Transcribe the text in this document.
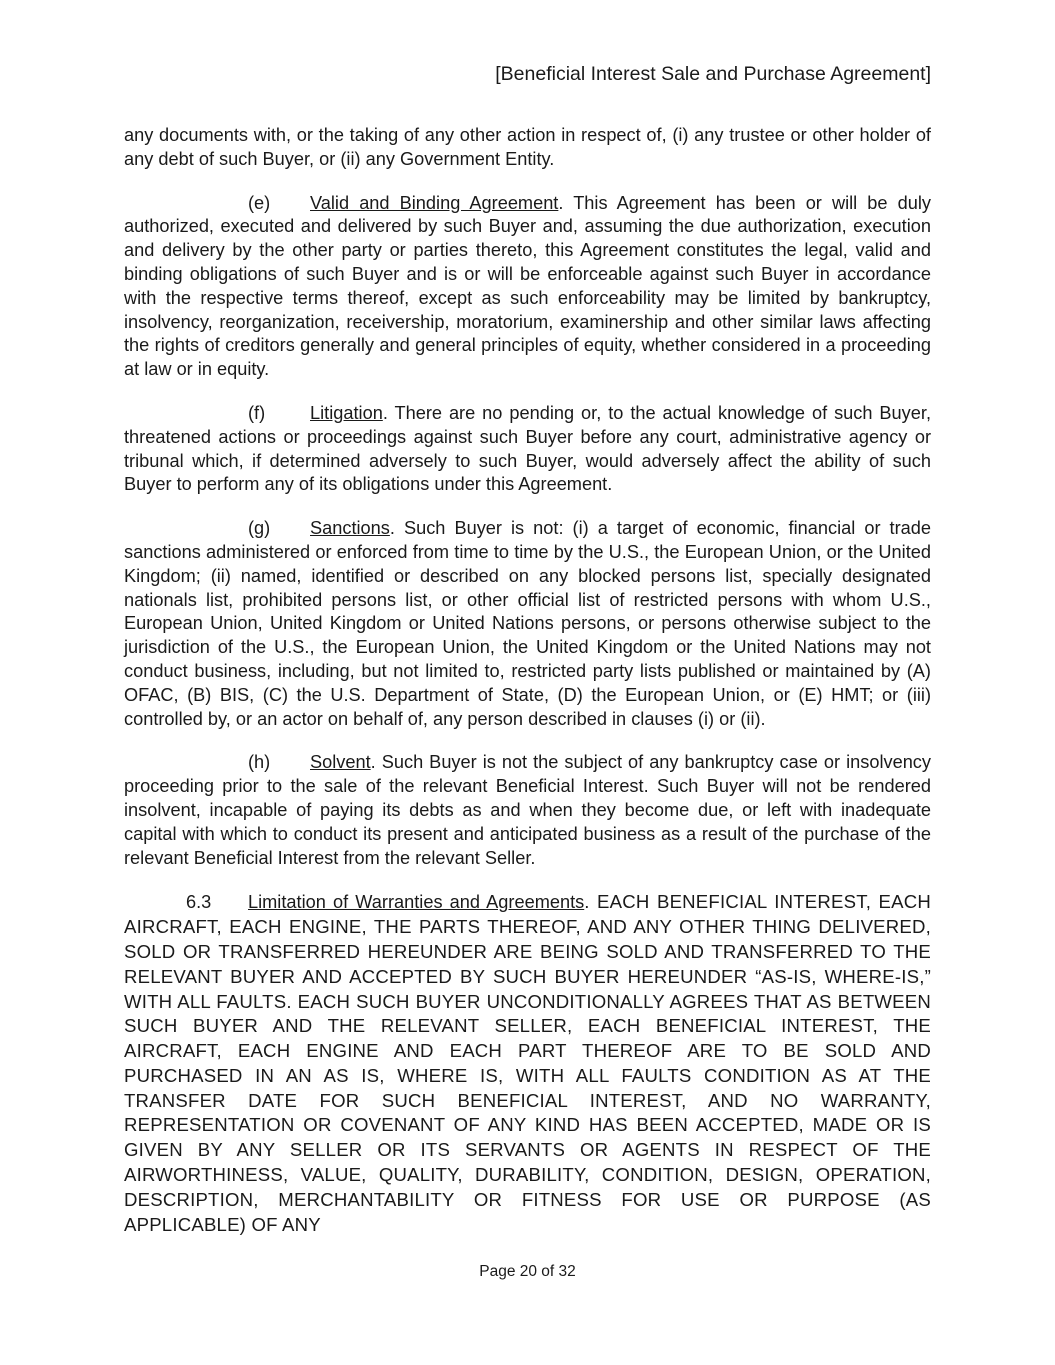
[Beneficial Interest Sale and Purchase Agreement]

any documents with, or the taking of any other action in respect of, (i) any trustee or other holder of any debt of such Buyer, or (ii) any Government Entity.

(e) Valid and Binding Agreement. This Agreement has been or will be duly authorized, executed and delivered by such Buyer and, assuming the due authorization, execution and delivery by the other party or parties thereto, this Agreement constitutes the legal, valid and binding obligations of such Buyer and is or will be enforceable against such Buyer in accordance with the respective terms thereof, except as such enforceability may be limited by bankruptcy, insolvency, reorganization, receivership, moratorium, examinership and other similar laws affecting the rights of creditors generally and general principles of equity, whether considered in a proceeding at law or in equity.

(f) Litigation. There are no pending or, to the actual knowledge of such Buyer, threatened actions or proceedings against such Buyer before any court, administrative agency or tribunal which, if determined adversely to such Buyer, would adversely affect the ability of such Buyer to perform any of its obligations under this Agreement.

(g) Sanctions. Such Buyer is not: (i) a target of economic, financial or trade sanctions administered or enforced from time to time by the U.S., the European Union, or the United Kingdom; (ii) named, identified or described on any blocked persons list, specially designated nationals list, prohibited persons list, or other official list of restricted persons with whom U.S., European Union, United Kingdom or United Nations persons, or persons otherwise subject to the jurisdiction of the U.S., the European Union, the United Kingdom or the United Nations may not conduct business, including, but not limited to, restricted party lists published or maintained by (A) OFAC, (B) BIS, (C) the U.S. Department of State, (D) the European Union, or (E) HMT; or (iii) controlled by, or an actor on behalf of, any person described in clauses (i) or (ii).

(h) Solvent. Such Buyer is not the subject of any bankruptcy case or insolvency proceeding prior to the sale of the relevant Beneficial Interest. Such Buyer will not be rendered insolvent, incapable of paying its debts as and when they become due, or left with inadequate capital with which to conduct its present and anticipated business as a result of the purchase of the relevant Beneficial Interest from the relevant Seller.

6.3 Limitation of Warranties and Agreements. EACH BENEFICIAL INTEREST, EACH AIRCRAFT, EACH ENGINE, THE PARTS THEREOF, AND ANY OTHER THING DELIVERED, SOLD OR TRANSFERRED HEREUNDER ARE BEING SOLD AND TRANSFERRED TO THE RELEVANT BUYER AND ACCEPTED BY SUCH BUYER HEREUNDER “AS-IS, WHERE-IS,” WITH ALL FAULTS. EACH SUCH BUYER UNCONDITIONALLY AGREES THAT AS BETWEEN SUCH BUYER AND THE RELEVANT SELLER, EACH BENEFICIAL INTEREST, THE AIRCRAFT, EACH ENGINE AND EACH PART THEREOF ARE TO BE SOLD AND PURCHASED IN AN AS IS, WHERE IS, WITH ALL FAULTS CONDITION AS AT THE TRANSFER DATE FOR SUCH BENEFICIAL INTEREST, AND NO WARRANTY, REPRESENTATION OR COVENANT OF ANY KIND HAS BEEN ACCEPTED, MADE OR IS GIVEN BY ANY SELLER OR ITS SERVANTS OR AGENTS IN RESPECT OF THE AIRWORTHINESS, VALUE, QUALITY, DURABILITY, CONDITION, DESIGN, OPERATION, DESCRIPTION, MERCHANTABILITY OR FITNESS FOR USE OR PURPOSE (AS APPLICABLE) OF ANY

Page 20 of 32
